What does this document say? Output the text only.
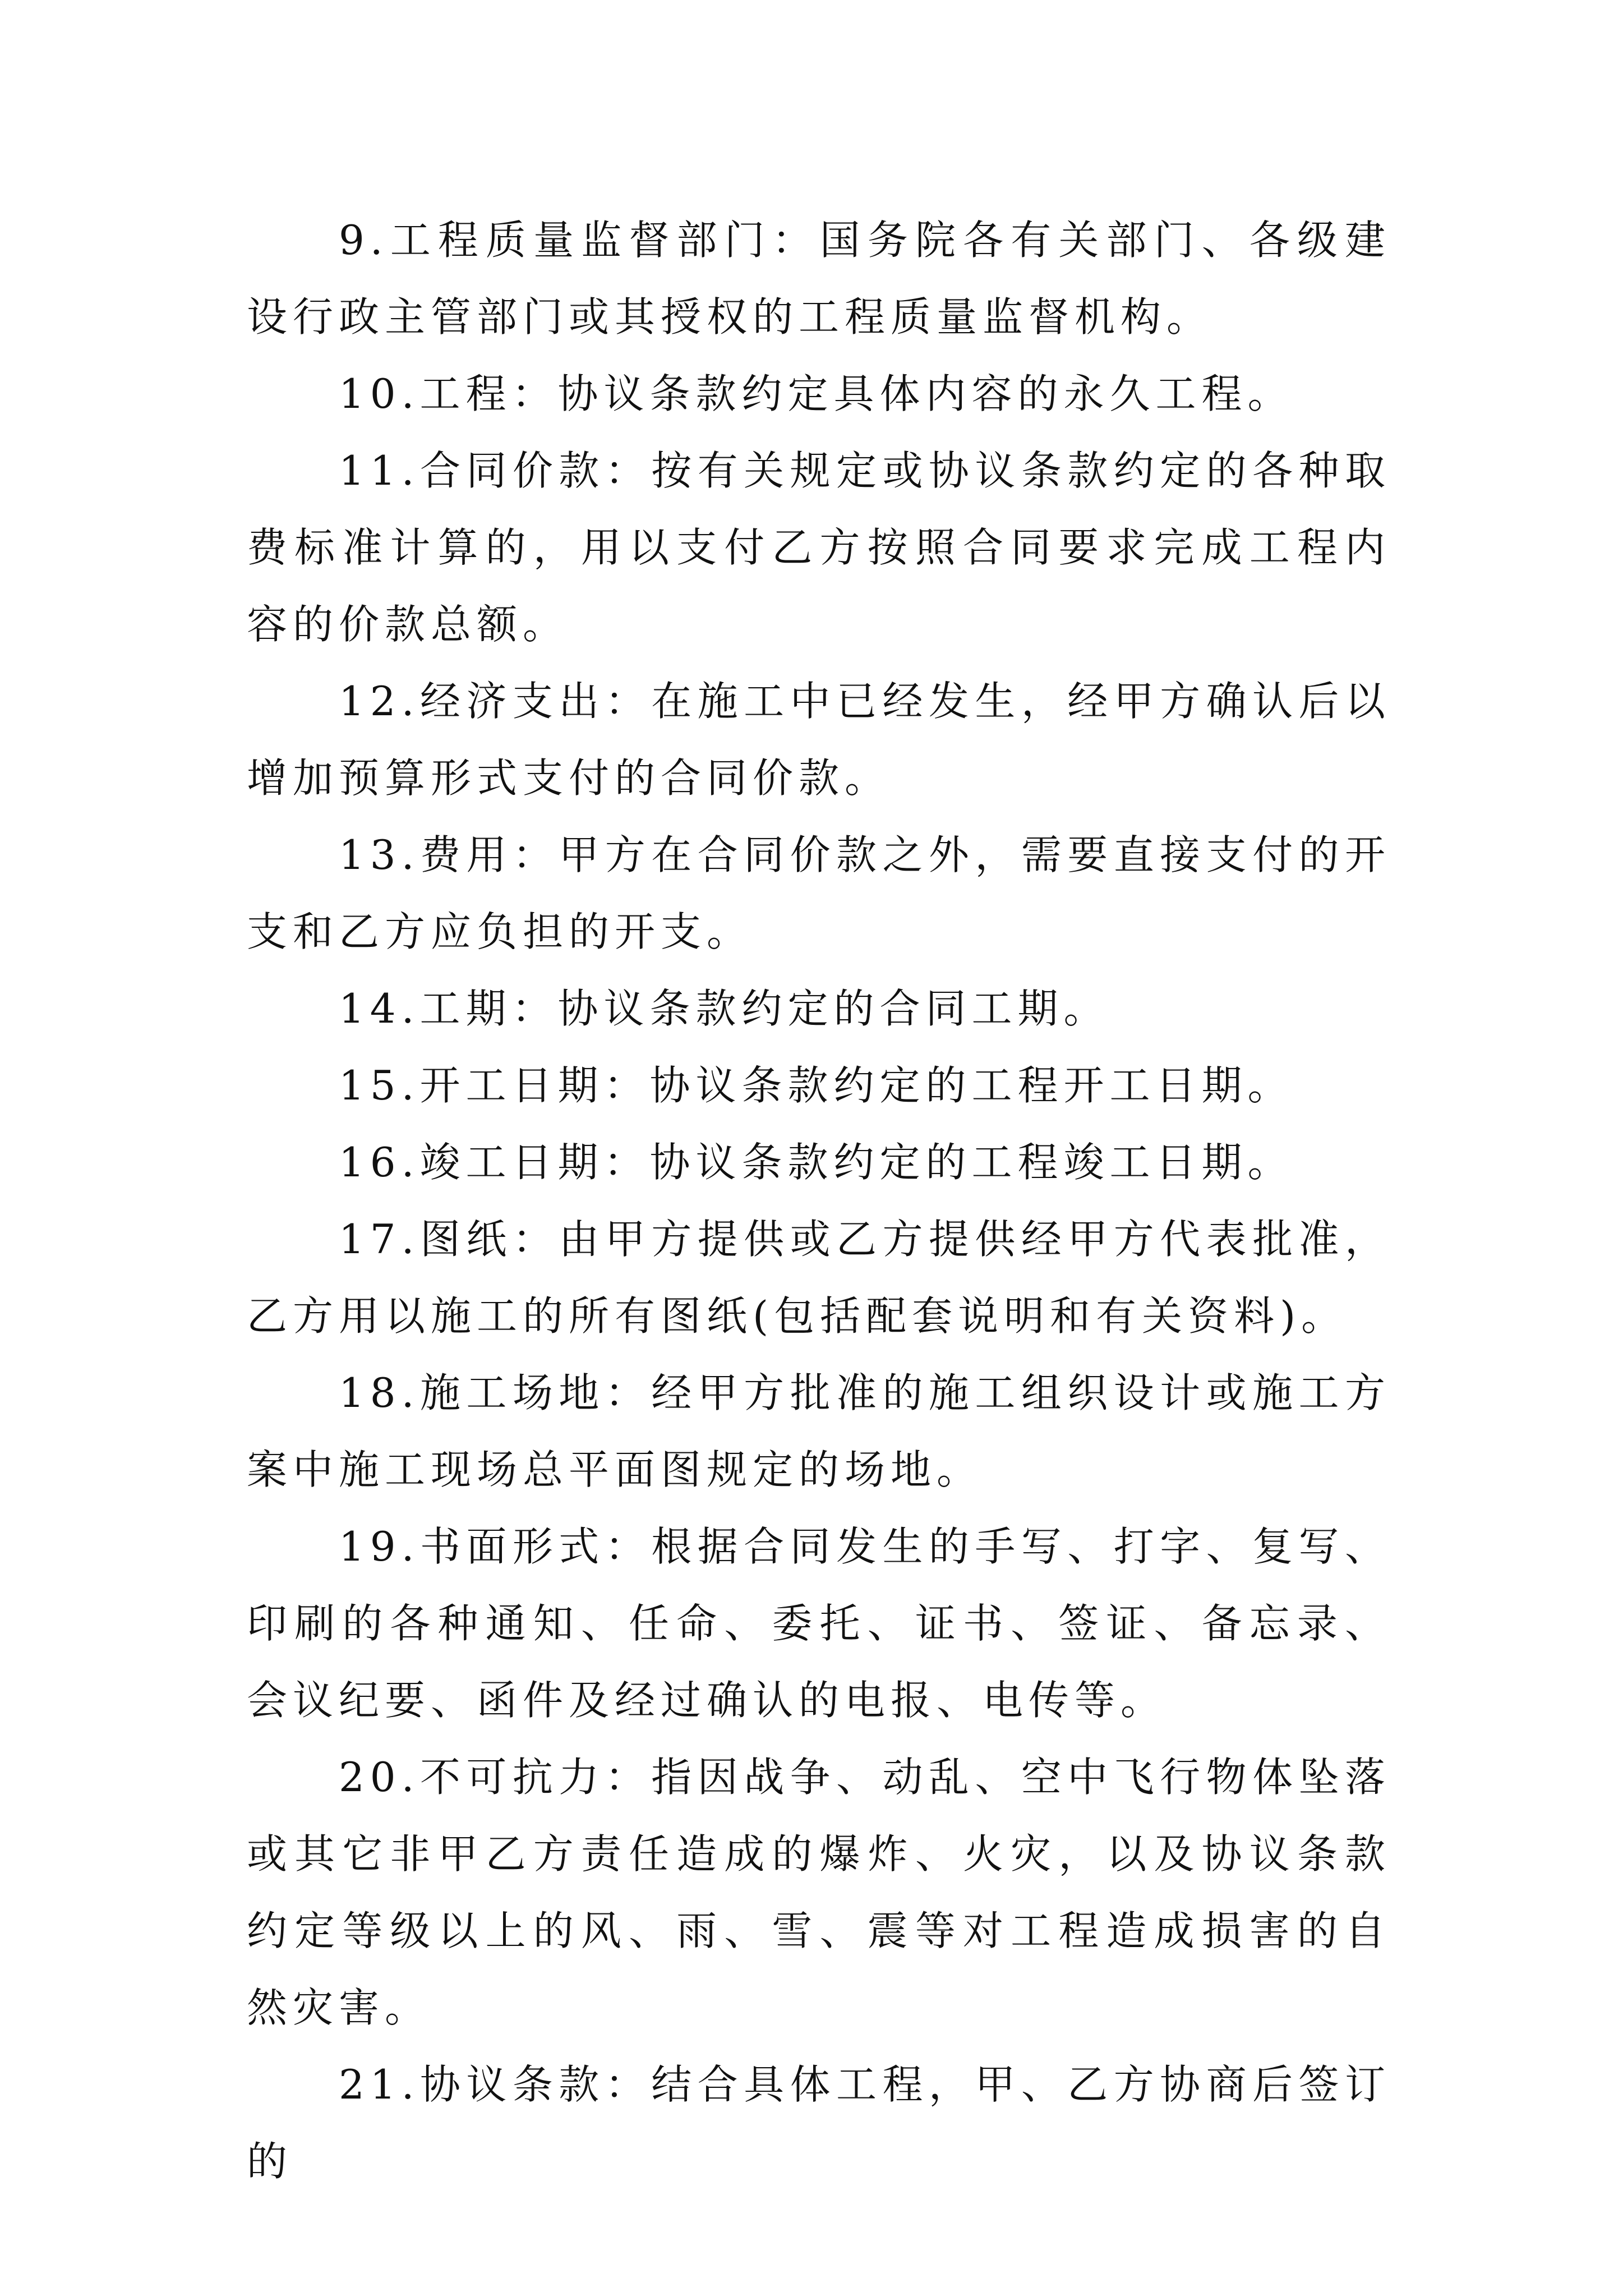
9.工程质量监督部门：国务院各有关部门、各级建设行政主管部门或其授权的工程质量监督机构。

10.工程：协议条款约定具体内容的永久工程。

11.合同价款：按有关规定或协议条款约定的各种取费标准计算的，用以支付乙方按照合同要求完成工程内容的价款总额。

12.经济支出：在施工中已经发生，经甲方确认后以增加预算形式支付的合同价款。

13.费用：甲方在合同价款之外，需要直接支付的开支和乙方应负担的开支。

14.工期：协议条款约定的合同工期。

15.开工日期：协议条款约定的工程开工日期。

16.竣工日期：协议条款约定的工程竣工日期。

17.图纸：由甲方提供或乙方提供经甲方代表批准，乙方用以施工的所有图纸(包括配套说明和有关资料)。

18.施工场地：经甲方批准的施工组织设计或施工方案中施工现场总平面图规定的场地。

19.书面形式：根据合同发生的手写、打字、复写、印刷的各种通知、任命、委托、证书、签证、备忘录、会议纪要、函件及经过确认的电报、电传等。

20.不可抗力：指因战争、动乱、空中飞行物体坠落或其它非甲乙方责任造成的爆炸、火灾，以及协议条款约定等级以上的风、雨、雪、震等对工程造成损害的自然灾害。

21.协议条款：结合具体工程，甲、乙方协商后签订的
